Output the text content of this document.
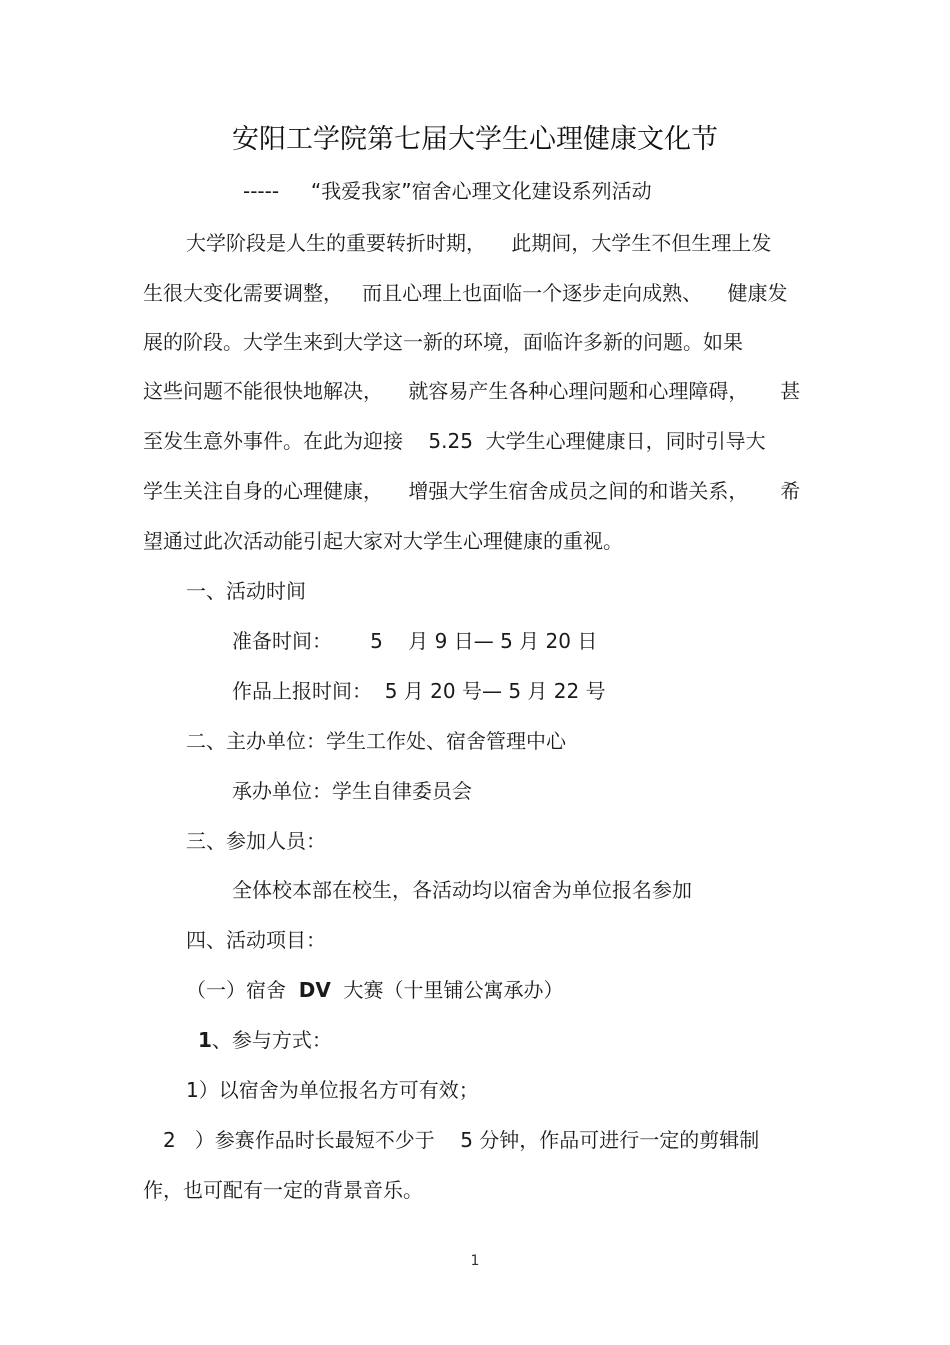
安阳工学院第七届大学生心理健康文化节
-----     “我爱我家”宿舍心理文化建设系列活动
大学阶段是人生的重要转折时期，    此期间，大学生不但生理上发
生很大变化需要调整，   而且心理上也面临一个逐步走向成熟、    健康发
展的阶段。大学生来到大学这一新的环境，面临许多新的问题。如果
这些问题不能很快地解决，    就容易产生各种心理问题和心理障碍，     甚
至发生意外事件。在此为迎接    5.25  大学生心理健康日，同时引导大
学生关注自身的心理健康，    增强大学生宿舍成员之间的和谐关系，     希
望通过此次活动能引起大家对大学生心理健康的重视。
一、活动时间
准备时间：      5    月 9 日— 5 月 20 日
作品上报时间：  5 月 20 号— 5 月 22 号
二、主办单位：学生工作处、宿舍管理中心
承办单位：学生自律委员会
三、参加人员：
全体校本部在校生，各活动均以宿舍为单位报名参加
四、活动项目：
（一）宿舍  DV  大赛（十里铺公寓承办）
1、参与方式：
1）以宿舍为单位报名方可有效；
2   ）参赛作品时长最短不少于    5 分钟，作品可进行一定的剪辑制
作，也可配有一定的背景音乐。
1
